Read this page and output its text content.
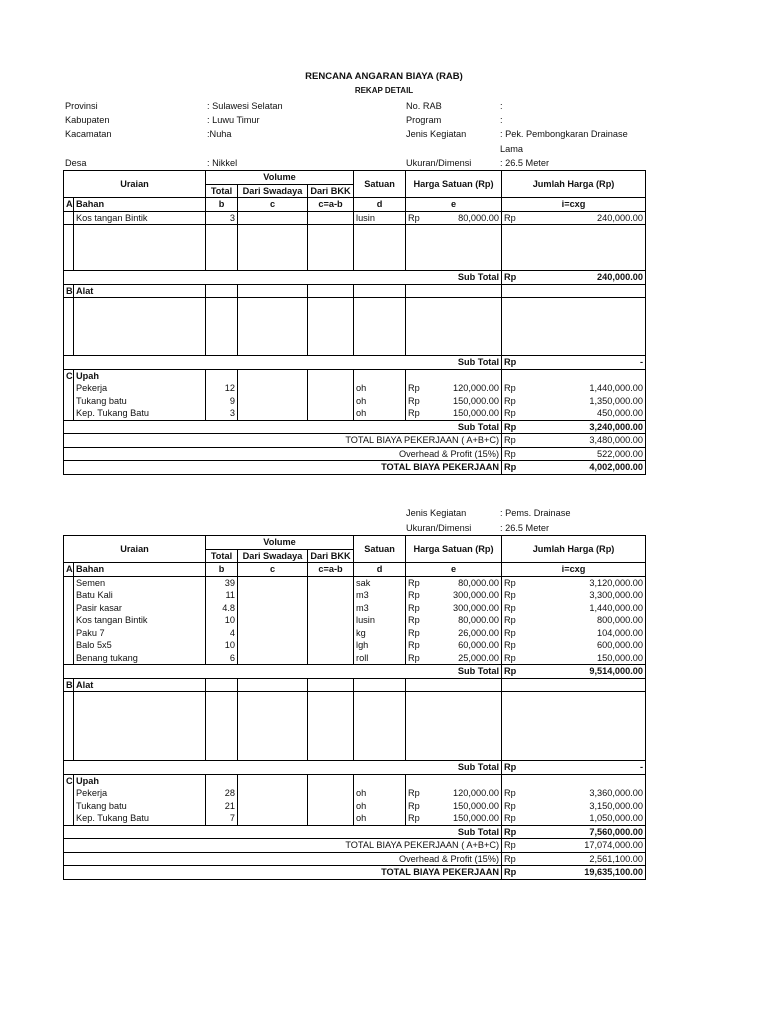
RENCANA ANGARAN BIAYA (RAB)
REKAP DETAIL
Provinsi	: Sulawesi Selatan
Kabupaten	: Luwu Timur
Kacamatan	:Nuha
Desa	: Nikkel
No. RAB	:
Program	:
Jenis Kegiatan	: Pek. Pembongkaran Drainase
Lama
Ukuran/Dimensi	: 26.5 Meter
Uraian		Volume			Satuan	Harga Satuan (Rp)	Jumlah Harga (Rp)
		Total	Dari Swadaya	Dari BKK			
A	Bahan	b	c	c=a-b	d	e	i=cxg
	Kos tangan Bintik	3			lusin	Rp 80,000.00	Rp 240,000.00

Sub Total							Rp 240,000.00

B	Alat						

Sub Total							Rp -

C	Upah						
	Pekerja	12			oh	Rp 120,000.00	Rp 1,440,000.00

	Tukang batu	9			oh	Rp 150,000.00	Rp 1,350,000.00

	Kep. Tukang Batu	3			oh	Rp 150,000.00	Rp 450,000.00

Sub Total							Rp 3,240,000.00

TOTAL BIAYA PEKERJAAN ( A+B+C)							Rp 3,480,000.00

Overhead & Profit (15%)							Rp 522,000.00

TOTAL BIAYA PEKERJAAN							Rp 4,002,000.00
Jenis Kegiatan	: Pems. Drainase
Ukuran/Dimensi	: 26.5 Meter
Uraian		Volume			Satuan	Harga Satuan (Rp)	Jumlah Harga (Rp)
		Total	Dari Swadaya	Dari BKK			
A	Bahan	b	c	c=a-b	d	e	i=cxg
	Semen	39			sak	Rp 80,000.00	Rp 3,120,000.00

	Batu Kali	11			m3	Rp 300,000.00	Rp 3,300,000.00

	Pasir kasar	4.8			m3	Rp 300,000.00	Rp 1,440,000.00

	Kos tangan Bintik	10			lusin	Rp 80,000.00	Rp 800,000.00

	Paku 7	4			kg	Rp 26,000.00	Rp 104,000.00

	Balo 5x5	10			lgh	Rp 60,000.00	Rp 600,000.00

	Benang tukang	6			roll	Rp 25,000.00	Rp 150,000.00

Sub Total							Rp 9,514,000.00

B	Alat						

Sub Total							Rp -

C	Upah						
	Pekerja	28			oh	Rp 120,000.00	Rp 3,360,000.00

	Tukang batu	21			oh	Rp 150,000.00	Rp 3,150,000.00

	Kep. Tukang Batu	7			oh	Rp 150,000.00	Rp 1,050,000.00

Sub Total							Rp 7,560,000.00

TOTAL BIAYA PEKERJAAN ( A+B+C)							Rp 17,074,000.00

Overhead & Profit (15%)							Rp 2,561,100.00

TOTAL BIAYA PEKERJAAN							Rp 19,635,100.00
